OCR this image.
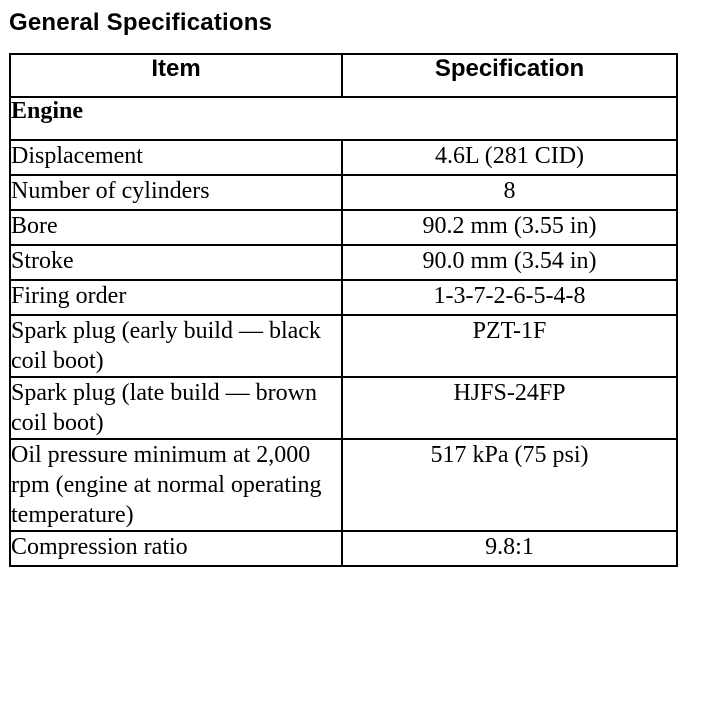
General Specifications
Item	Specification
Engine	
Displacement	4.6L (281 CID)
Number of cylinders	8
Bore	90.2 mm (3.55 in)
Stroke	90.0 mm (3.54 in)
Firing order	1-3-7-2-6-5-4-8
Spark plug (early build — black coil boot)	PZT-1F
Spark plug (late build — brown coil boot)	HJFS-24FP
Oil pressure minimum at 2,000 rpm (engine at normal operating temperature)	517 kPa (75 psi)
Compression ratio	9.8:1
